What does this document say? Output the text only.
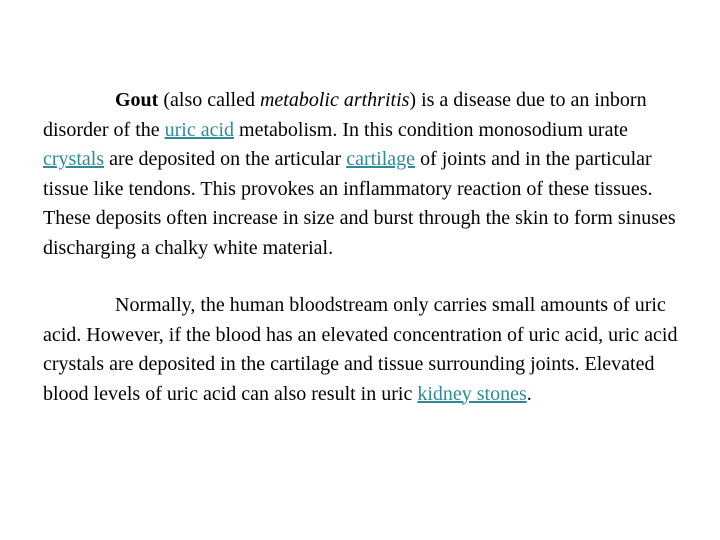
Gout (also called metabolic arthritis) is a disease due to an inborn disorder of the uric acid metabolism. In this condition monosodium urate crystals are deposited on the articular cartilage of joints and in the particular tissue like tendons. This provokes an inflammatory reaction of these tissues. These deposits often increase in size and burst through the skin to form sinuses discharging a chalky white material.

Normally, the human bloodstream only carries small amounts of uric acid. However, if the blood has an elevated concentration of uric acid, uric acid crystals are deposited in the cartilage and tissue surrounding joints. Elevated blood levels of uric acid can also result in uric kidney stones.
